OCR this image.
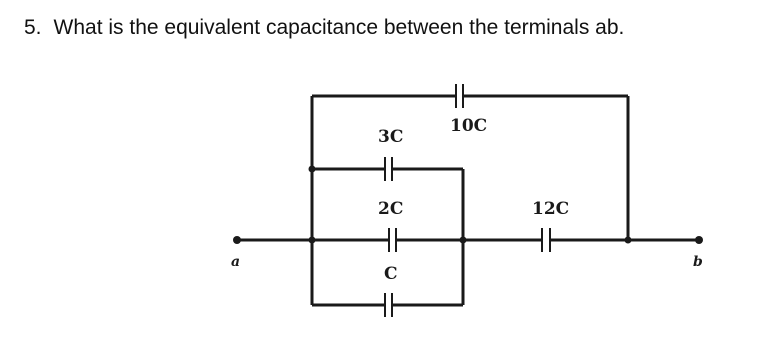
5. What is the equivalent capacitance between the terminals ab.
10C
3C
2C
C
12C
a	b
